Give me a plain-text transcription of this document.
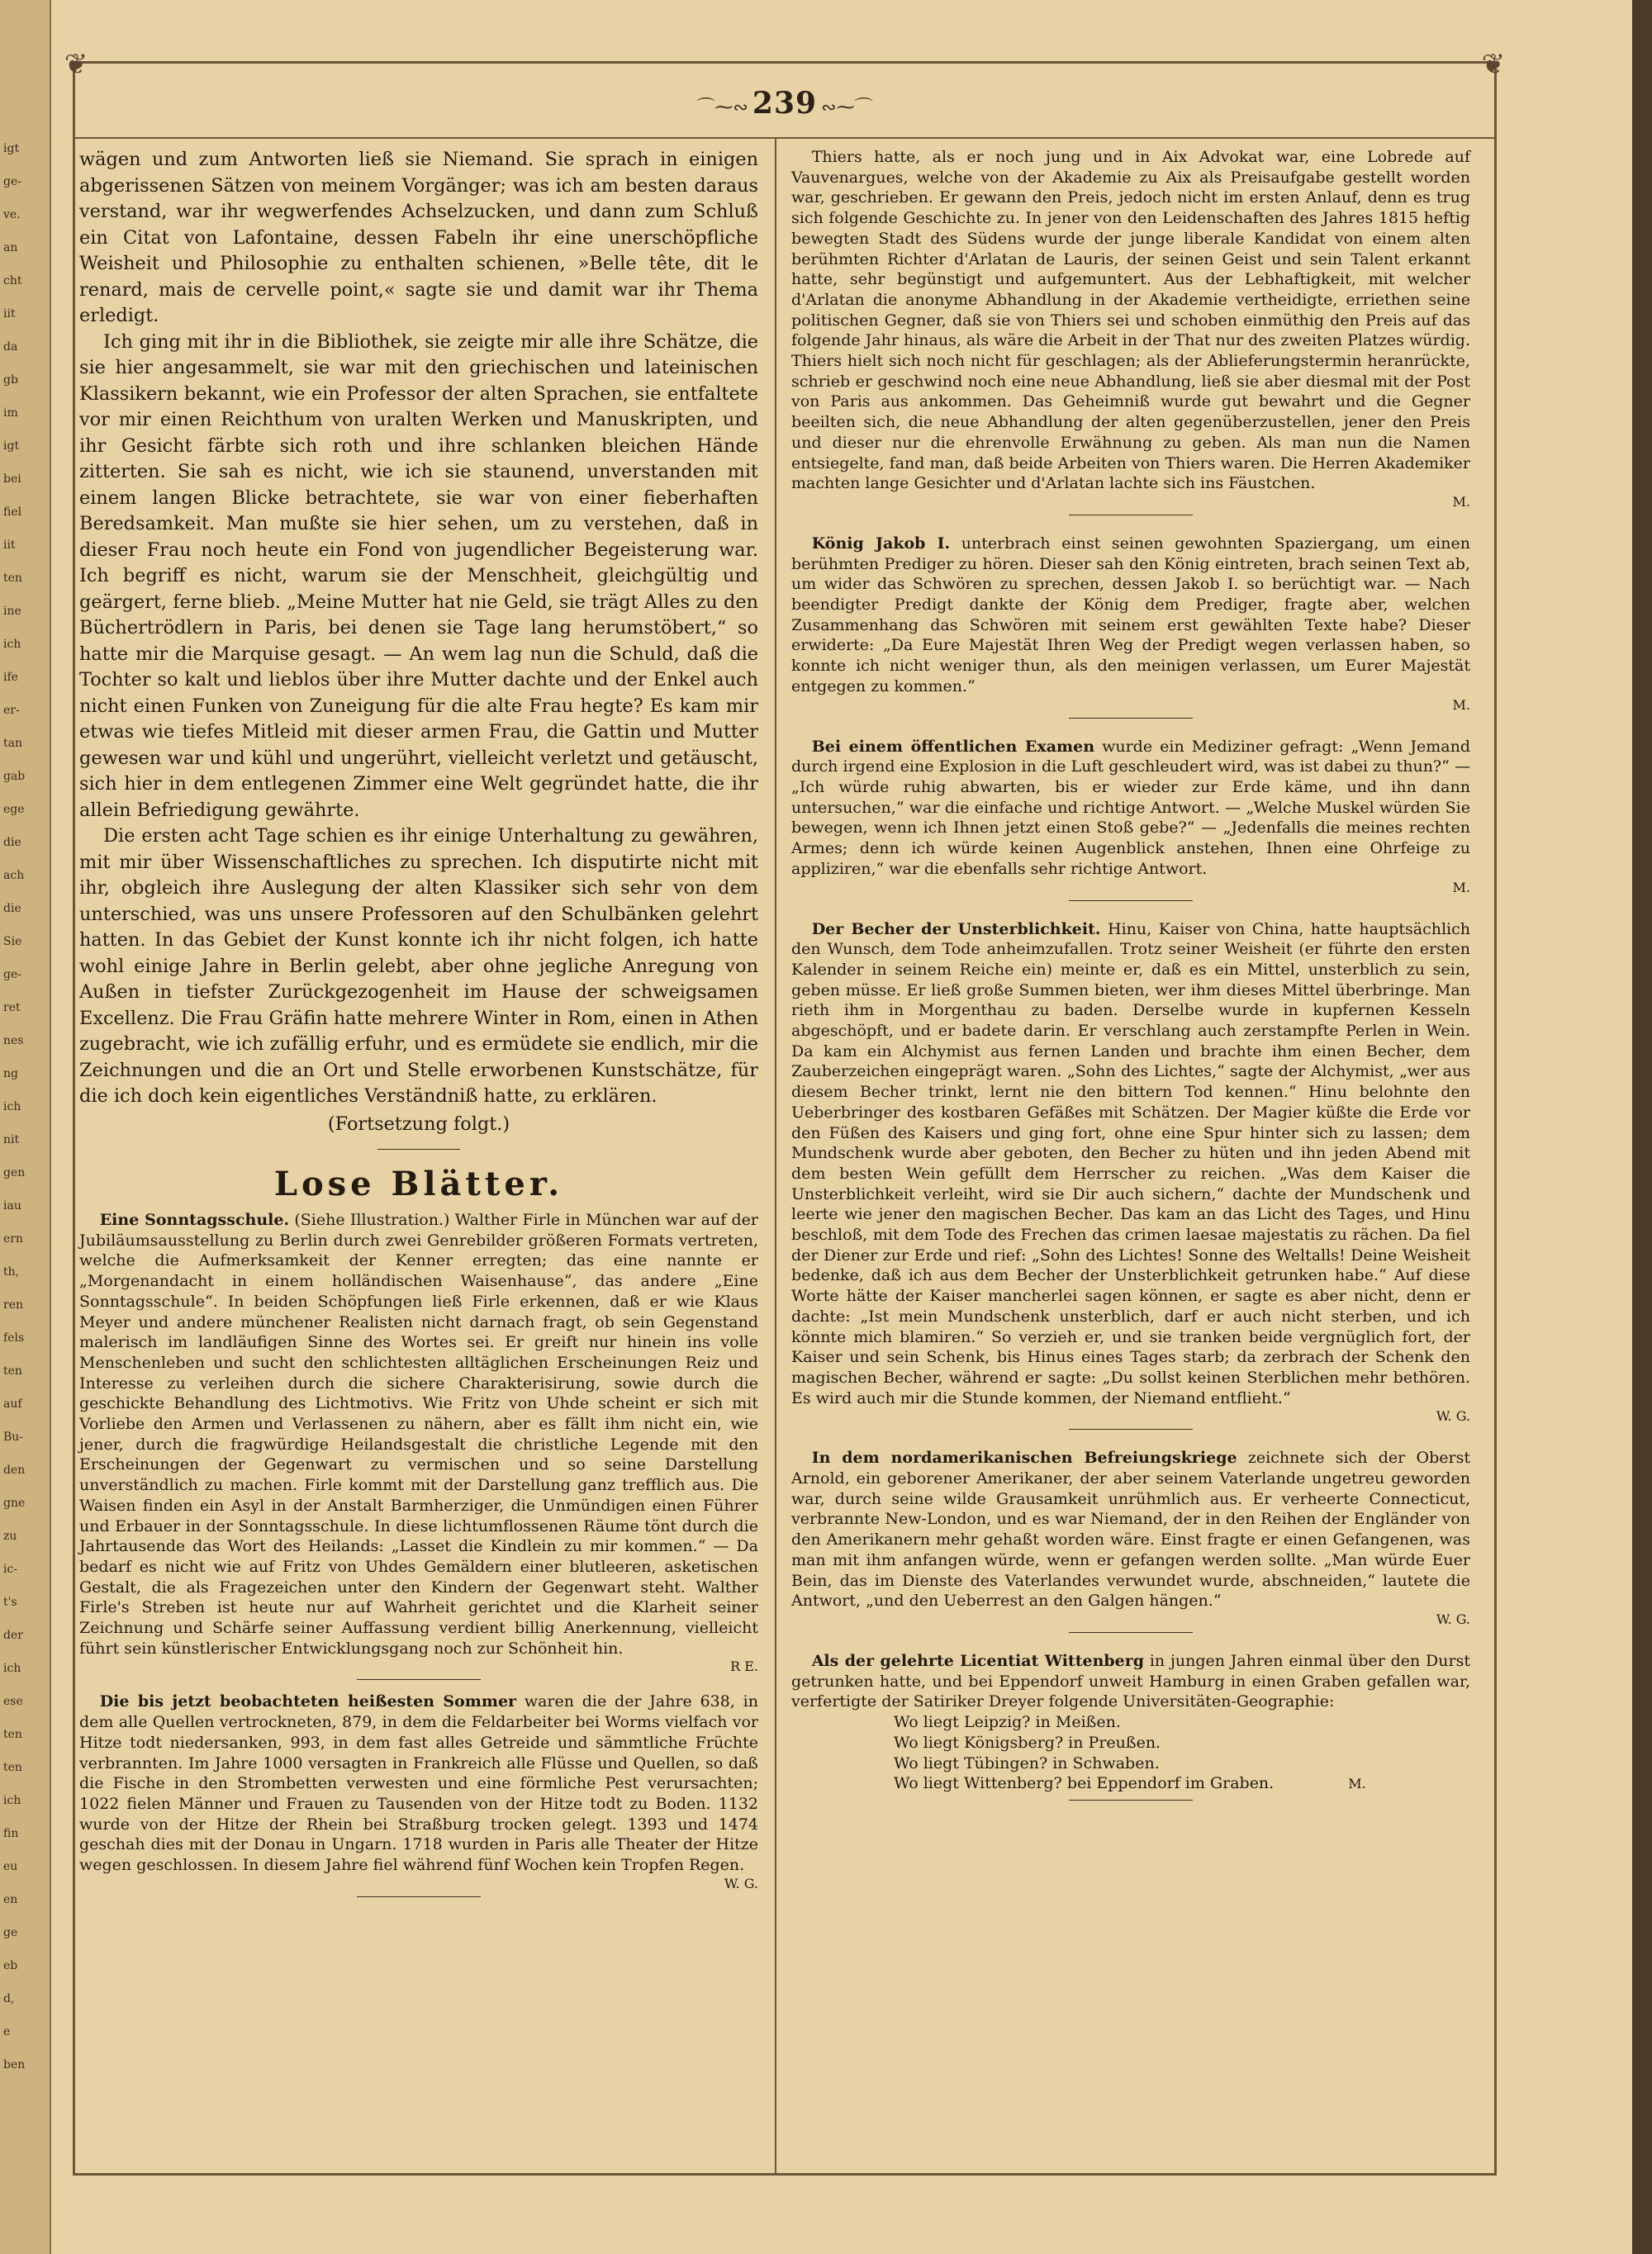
igt
ge-
ve.
an
cht
iit
da
gb
im
igt
bei
fiel
iit
ten
ine
ich
ife
er-
tan
gab
ege
die
ach
die
Sie
ge-
ret
nes
ng
ich
nit
gen
iau
ern
th,
ren
fels
ten
auf
Bu-
den
gne
zu
ic-
t's
der
ich
ese
ten
ten
ich
fin
eu
en
ge
eb
d,
e
ben
❦	❦
⌒⁓∾ 239 ∾⁓⌒

wägen und zum Antworten ließ sie Niemand. Sie sprach in einigen abgerissenen Sätzen von meinem Vorgänger; was ich am besten daraus verstand, war ihr wegwerfendes Achselzucken, und dann zum Schluß ein Citat von Lafontaine, dessen Fabeln ihr eine unerschöpfliche Weisheit und Philosophie zu enthalten schienen, »Belle tête, dit le renard, mais de cervelle point,« sagte sie und damit war ihr Thema erledigt.

Ich ging mit ihr in die Bibliothek, sie zeigte mir alle ihre Schätze, die sie hier angesammelt, sie war mit den griechischen und lateinischen Klassikern bekannt, wie ein Professor der alten Sprachen, sie entfaltete vor mir einen Reichthum von uralten Werken und Manuskripten, und ihr Gesicht färbte sich roth und ihre schlanken bleichen Hände zitterten. Sie sah es nicht, wie ich sie staunend, unverstanden mit einem langen Blicke betrachtete, sie war von einer fieberhaften Beredsamkeit. Man mußte sie hier sehen, um zu verstehen, daß in dieser Frau noch heute ein Fond von jugendlicher Begeisterung war. Ich begriff es nicht, warum sie der Menschheit, gleichgültig und geärgert, ferne blieb. „Meine Mutter hat nie Geld, sie trägt Alles zu den Büchertrödlern in Paris, bei denen sie Tage lang herumstöbert,“ so hatte mir die Marquise gesagt. — An wem lag nun die Schuld, daß die Tochter so kalt und lieblos über ihre Mutter dachte und der Enkel auch nicht einen Funken von Zuneigung für die alte Frau hegte? Es kam mir etwas wie tiefes Mitleid mit dieser armen Frau, die Gattin und Mutter gewesen war und kühl und ungerührt, vielleicht verletzt und getäuscht, sich hier in dem entlegenen Zimmer eine Welt gegründet hatte, die ihr allein Befriedigung gewährte.

Die ersten acht Tage schien es ihr einige Unterhaltung zu gewähren, mit mir über Wissenschaftliches zu sprechen. Ich disputirte nicht mit ihr, obgleich ihre Auslegung der alten Klassiker sich sehr von dem unterschied, was uns unsere Professoren auf den Schulbänken gelehrt hatten. In das Gebiet der Kunst konnte ich ihr nicht folgen, ich hatte wohl einige Jahre in Berlin gelebt, aber ohne jegliche Anregung von Außen in tiefster Zurückgezogenheit im Hause der schweigsamen Excellenz. Die Frau Gräfin hatte mehrere Winter in Rom, einen in Athen zugebracht, wie ich zufällig erfuhr, und es ermüdete sie endlich, mir die Zeichnungen und die an Ort und Stelle erworbenen Kunstschätze, für die ich doch kein eigentliches Verständniß hatte, zu erklären.

(Fortsetzung folgt.)

Lose Blätter.

Eine Sonntagsschule. (Siehe Illustration.) Walther Firle in München war auf der Jubiläumsausstellung zu Berlin durch zwei Genrebilder größeren Formats vertreten, welche die Aufmerksamkeit der Kenner erregten; das eine nannte er „Morgenandacht in einem holländischen Waisenhause“, das andere „Eine Sonntagsschule“. In beiden Schöpfungen ließ Firle erkennen, daß er wie Klaus Meyer und andere münchener Realisten nicht darnach fragt, ob sein Gegenstand malerisch im landläufigen Sinne des Wortes sei. Er greift nur hinein ins volle Menschenleben und sucht den schlichtesten alltäglichen Erscheinungen Reiz und Interesse zu verleihen durch die sichere Charakterisirung, sowie durch die geschickte Behandlung des Lichtmotivs. Wie Fritz von Uhde scheint er sich mit Vorliebe den Armen und Verlassenen zu nähern, aber es fällt ihm nicht ein, wie jener, durch die fragwürdige Heilandsgestalt die christliche Legende mit den Erscheinungen der Gegenwart zu vermischen und so seine Darstellung unverständlich zu machen. Firle kommt mit der Darstellung ganz trefflich aus. Die Waisen finden ein Asyl in der Anstalt Barmherziger, die Unmündigen einen Führer und Erbauer in der Sonntagsschule. In diese lichtumflossenen Räume tönt durch die Jahrtausende das Wort des Heilands: „Lasset die Kindlein zu mir kommen.“ — Da bedarf es nicht wie auf Fritz von Uhdes Gemäldern einer blutleeren, asketischen Gestalt, die als Fragezeichen unter den Kindern der Gegenwart steht. Walther Firle's Streben ist heute nur auf Wahrheit gerichtet und die Klarheit seiner Zeichnung und Schärfe seiner Auffassung verdient billig Anerkennung, vielleicht führt sein künstlerischer Entwicklungsgang noch zur Schönheit hin.

R E.

Die bis jetzt beobachteten heißesten Sommer waren die der Jahre 638, in dem alle Quellen vertrockneten, 879, in dem die Feldarbeiter bei Worms vielfach vor Hitze todt niedersanken, 993, in dem fast alles Getreide und sämmtliche Früchte verbrannten. Im Jahre 1000 versagten in Frankreich alle Flüsse und Quellen, so daß die Fische in den Strombetten verwesten und eine förmliche Pest verursachten; 1022 fielen Männer und Frauen zu Tausenden von der Hitze todt zu Boden. 1132 wurde von der Hitze der Rhein bei Straßburg trocken gelegt. 1393 und 1474 geschah dies mit der Donau in Ungarn. 1718 wurden in Paris alle Theater der Hitze wegen geschlossen. In diesem Jahre fiel während fünf Wochen kein Tropfen Regen.

W. G.

Thiers hatte, als er noch jung und in Aix Advokat war, eine Lobrede auf Vauvenargues, welche von der Akademie zu Aix als Preisaufgabe gestellt worden war, geschrieben. Er gewann den Preis, jedoch nicht im ersten Anlauf, denn es trug sich folgende Geschichte zu. In jener von den Leidenschaften des Jahres 1815 heftig bewegten Stadt des Südens wurde der junge liberale Kandidat von einem alten berühmten Richter d'Arlatan de Lauris, der seinen Geist und sein Talent erkannt hatte, sehr begünstigt und aufgemuntert. Aus der Lebhaftigkeit, mit welcher d'Arlatan die anonyme Abhandlung in der Akademie vertheidigte, erriethen seine politischen Gegner, daß sie von Thiers sei und schoben einmüthig den Preis auf das folgende Jahr hinaus, als wäre die Arbeit in der That nur des zweiten Platzes würdig. Thiers hielt sich noch nicht für geschlagen; als der Ablieferungstermin heranrückte, schrieb er geschwind noch eine neue Abhandlung, ließ sie aber diesmal mit der Post von Paris aus ankommen. Das Geheimniß wurde gut bewahrt und die Gegner beeilten sich, die neue Abhandlung der alten gegenüberzustellen, jener den Preis und dieser nur die ehrenvolle Erwähnung zu geben. Als man nun die Namen entsiegelte, fand man, daß beide Arbeiten von Thiers waren. Die Herren Akademiker machten lange Gesichter und d'Arlatan lachte sich ins Fäustchen.

M.

König Jakob I. unterbrach einst seinen gewohnten Spaziergang, um einen berühmten Prediger zu hören. Dieser sah den König eintreten, brach seinen Text ab, um wider das Schwören zu sprechen, dessen Jakob I. so berüchtigt war. — Nach beendigter Predigt dankte der König dem Prediger, fragte aber, welchen Zusammenhang das Schwören mit seinem erst gewählten Texte habe? Dieser erwiderte: „Da Eure Majestät Ihren Weg der Predigt wegen verlassen haben, so konnte ich nicht weniger thun, als den meinigen verlassen, um Eurer Majestät entgegen zu kommen.“

M.

Bei einem öffentlichen Examen wurde ein Mediziner gefragt: „Wenn Jemand durch irgend eine Explosion in die Luft geschleudert wird, was ist dabei zu thun?“ — „Ich würde ruhig abwarten, bis er wieder zur Erde käme, und ihn dann untersuchen,“ war die einfache und richtige Antwort. — „Welche Muskel würden Sie bewegen, wenn ich Ihnen jetzt einen Stoß gebe?“ — „Jedenfalls die meines rechten Armes; denn ich würde keinen Augenblick anstehen, Ihnen eine Ohrfeige zu appliziren,“ war die ebenfalls sehr richtige Antwort.

M.

Der Becher der Unsterblichkeit. Hinu, Kaiser von China, hatte hauptsächlich den Wunsch, dem Tode anheimzufallen. Trotz seiner Weisheit (er führte den ersten Kalender in seinem Reiche ein) meinte er, daß es ein Mittel, unsterblich zu sein, geben müsse. Er ließ große Summen bieten, wer ihm dieses Mittel überbringe. Man rieth ihm in Morgenthau zu baden. Derselbe wurde in kupfernen Kesseln abgeschöpft, und er badete darin. Er verschlang auch zerstampfte Perlen in Wein. Da kam ein Alchymist aus fernen Landen und brachte ihm einen Becher, dem Zauberzeichen eingeprägt waren. „Sohn des Lichtes,“ sagte der Alchymist, „wer aus diesem Becher trinkt, lernt nie den bittern Tod kennen.“ Hinu belohnte den Ueberbringer des kostbaren Gefäßes mit Schätzen. Der Magier küßte die Erde vor den Füßen des Kaisers und ging fort, ohne eine Spur hinter sich zu lassen; dem Mundschenk wurde aber geboten, den Becher zu hüten und ihn jeden Abend mit dem besten Wein gefüllt dem Herrscher zu reichen. „Was dem Kaiser die Unsterblichkeit verleiht, wird sie Dir auch sichern,“ dachte der Mundschenk und leerte wie jener den magischen Becher. Das kam an das Licht des Tages, und Hinu beschloß, mit dem Tode des Frechen das crimen laesae majestatis zu rächen. Da fiel der Diener zur Erde und rief: „Sohn des Lichtes! Sonne des Weltalls! Deine Weisheit bedenke, daß ich aus dem Becher der Unsterblichkeit getrunken habe.“ Auf diese Worte hätte der Kaiser mancherlei sagen können, er sagte es aber nicht, denn er dachte: „Ist mein Mundschenk unsterblich, darf er auch nicht sterben, und ich könnte mich blamiren.“ So verzieh er, und sie tranken beide vergnüglich fort, der Kaiser und sein Schenk, bis Hinus eines Tages starb; da zerbrach der Schenk den magischen Becher, während er sagte: „Du sollst keinen Sterblichen mehr bethören. Es wird auch mir die Stunde kommen, der Niemand entflieht.“

W. G.

In dem nordamerikanischen Befreiungskriege zeichnete sich der Oberst Arnold, ein geborener Amerikaner, der aber seinem Vaterlande ungetreu geworden war, durch seine wilde Grausamkeit unrühmlich aus. Er verheerte Connecticut, verbrannte New-London, und es war Niemand, der in den Reihen der Engländer von den Amerikanern mehr gehaßt worden wäre. Einst fragte er einen Gefangenen, was man mit ihm anfangen würde, wenn er gefangen werden sollte. „Man würde Euer Bein, das im Dienste des Vaterlandes verwundet wurde, abschneiden,“ lautete die Antwort, „und den Ueberrest an den Galgen hängen.“

W. G.

Als der gelehrte Licentiat Wittenberg in jungen Jahren einmal über den Durst getrunken hatte, und bei Eppendorf unweit Hamburg in einen Graben gefallen war, verfertigte der Satiriker Dreyer folgende Universitäten-Geographie:

Wo liegt Leipzig? in Meißen.

Wo liegt Königsberg? in Preußen.

Wo liegt Tübingen? in Schwaben.

Wo liegt Wittenberg? bei Eppendorf im Graben.	M.
